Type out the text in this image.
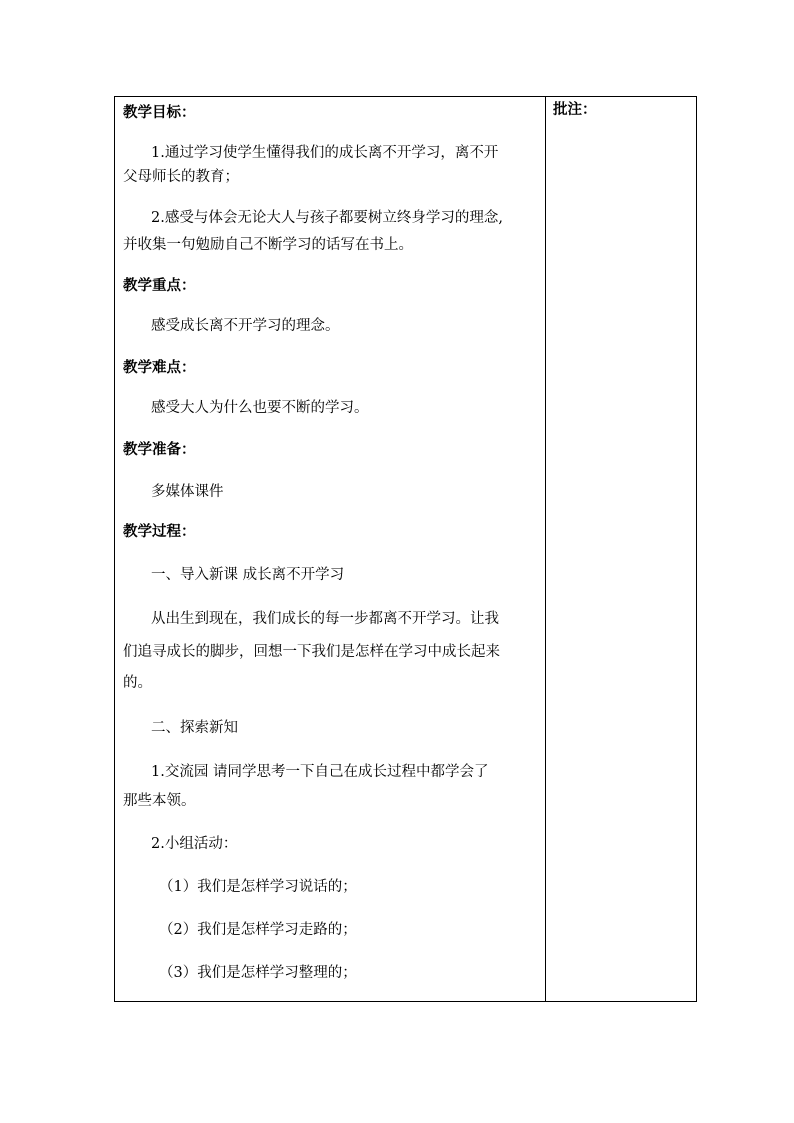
教学目标：
1.通过学习使学生懂得我们的成长离不开学习，离不开
父母师长的教育；
2.感受与体会无论大人与孩子都要树立终身学习的理念,
并收集一句勉励自己不断学习的话写在书上。
教学重点：
感受成长离不开学习的理念。
教学难点：
感受大人为什么也要不断的学习。
教学准备：
多媒体课件
教学过程：
一、导入新课 成长离不开学习
从出生到现在，我们成长的每一步都离不开学习。让我
们追寻成长的脚步，回想一下我们是怎样在学习中成长起来
的。
二、探索新知
1.交流园 请同学思考一下自己在成长过程中都学会了
那些本领。
2.小组活动：
（1）我们是怎样学习说话的；
（2）我们是怎样学习走路的；
（3）我们是怎样学习整理的；
批注：
